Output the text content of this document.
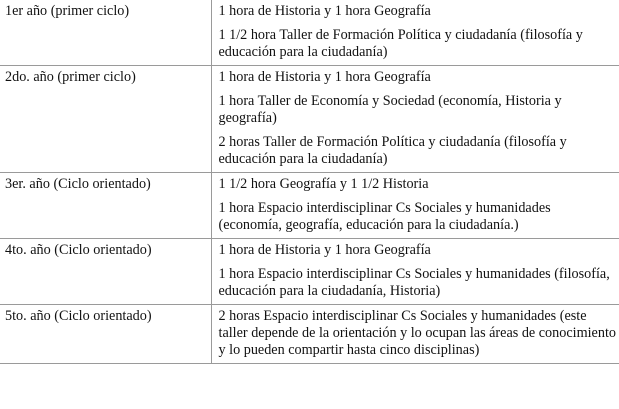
1er año (primer ciclo)	1 hora de Historia y 1 hora Geografía
1 1/2 hora Taller de Formación Política y ciudadanía (filosofía y educación para la ciudadanía)

2do. año (primer ciclo)	1 hora de Historia y 1 hora Geografía
1 hora Taller de Economía y Sociedad (economía, Historia y geografía)
2 horas Taller de Formación Política y ciudadanía (filosofía y educación para la ciudadanía)

3er. año (Ciclo orientado)	1 1/2 hora Geografía y 1 1/2 Historia
1 hora Espacio interdisciplinar Cs Sociales y humanidades (economía, geografía, educación para la ciudadanía.)

4to. año (Ciclo orientado)	1 hora de Historia y 1 hora Geografía
1 hora Espacio interdisciplinar Cs Sociales y humanidades (filosofía, educación para la ciudadanía, Historia)

5to. año (Ciclo orientado)	2 horas Espacio interdisciplinar Cs Sociales y humanidades (este taller depende de la orientación y lo ocupan las áreas de conocimiento y lo pueden compartir hasta cinco disciplinas)
